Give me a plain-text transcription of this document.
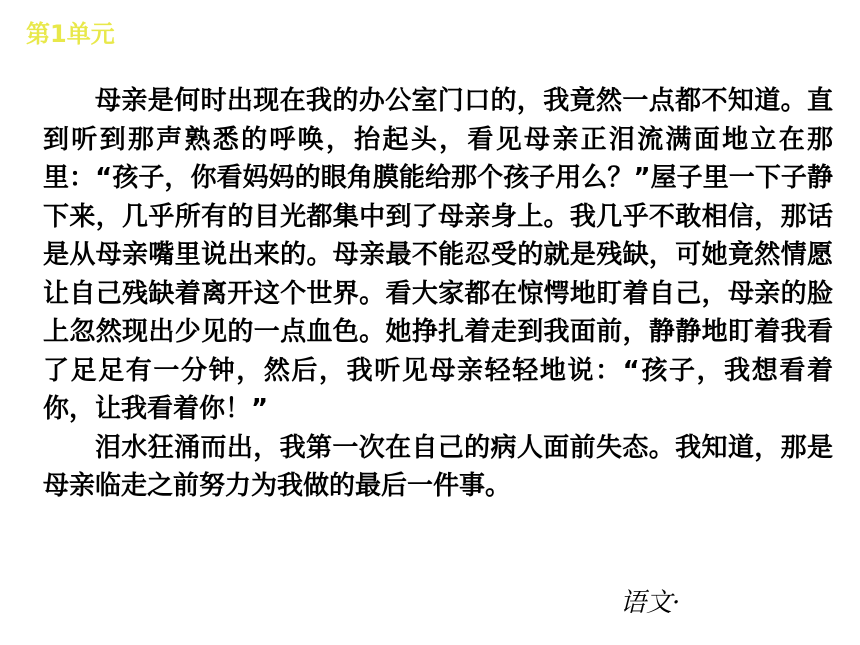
第1单元

母亲是何时出现在我的办公室门口的，我竟然一点都不知道。直到听到那声熟悉的呼唤，抬起头，看见母亲正泪流满面地立在那里：“孩子，你看妈妈的眼角膜能给那个孩子用么？”屋子里一下子静下来，几乎所有的目光都集中到了母亲身上。我几乎不敢相信，那话是从母亲嘴里说出来的。母亲最不能忍受的就是残缺，可她竟然情愿让自己残缺着离开这个世界。看大家都在惊愕地盯着自己，母亲的脸上忽然现出少见的一点血色。她挣扎着走到我面前，静静地盯着我看了足足有一分钟，然后，我听见母亲轻轻地说：“孩子，我想看着你，让我看着你！”

泪水狂涌而出，我第一次在自己的病人面前失态。我知道，那是母亲临走之前努力为我做的最后一件事。

语文·
